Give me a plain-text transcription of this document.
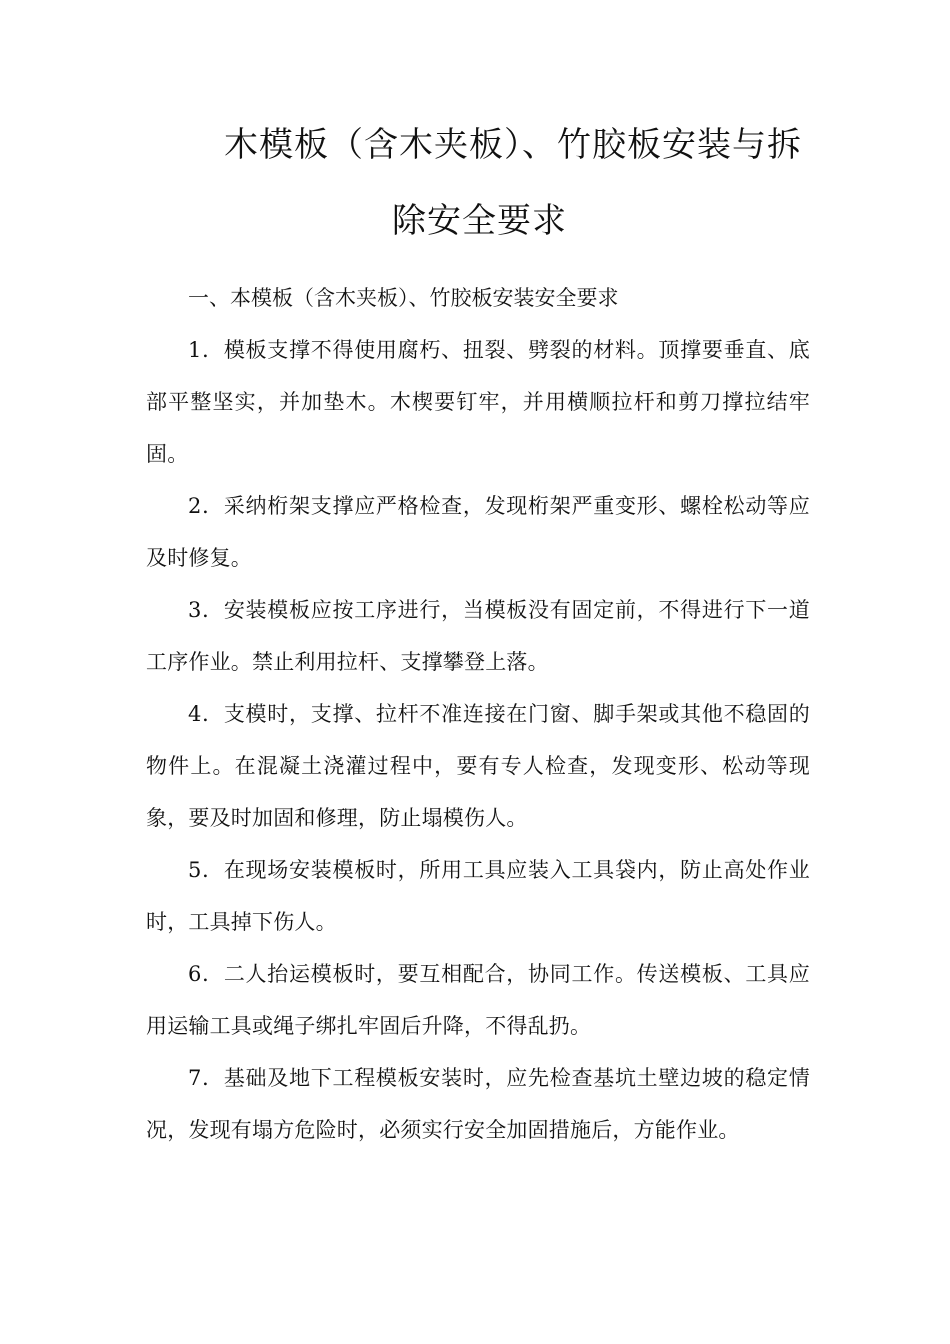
木模板（含木夹板）、竹胶板安装与拆
除安全要求

一、本模板（含木夹板）、竹胶板安装安全要求

1．模板支撑不得使用腐朽、扭裂、劈裂的材料。顶撑要垂直、底部平整坚实，并加垫木。木楔要钉牢，并用横顺拉杆和剪刀撑拉结牢固。

2．采纳桁架支撑应严格检查，发现桁架严重变形、螺栓松动等应及时修复。

3．安装模板应按工序进行，当模板没有固定前，不得进行下一道工序作业。禁止利用拉杆、支撑攀登上落。

4．支模时，支撑、拉杆不准连接在门窗、脚手架或其他不稳固的物件上。在混凝土浇灌过程中，要有专人检查，发现变形、松动等现象，要及时加固和修理，防止塌模伤人。

5．在现场安装模板时，所用工具应装入工具袋内，防止高处作业时，工具掉下伤人。

6．二人抬运模板时，要互相配合，协同工作。传送模板、工具应用运输工具或绳子绑扎牢固后升降，不得乱扔。

7．基础及地下工程模板安装时，应先检查基坑土壁边坡的稳定情况，发现有塌方危险时，必须实行安全加固措施后，方能作业。
